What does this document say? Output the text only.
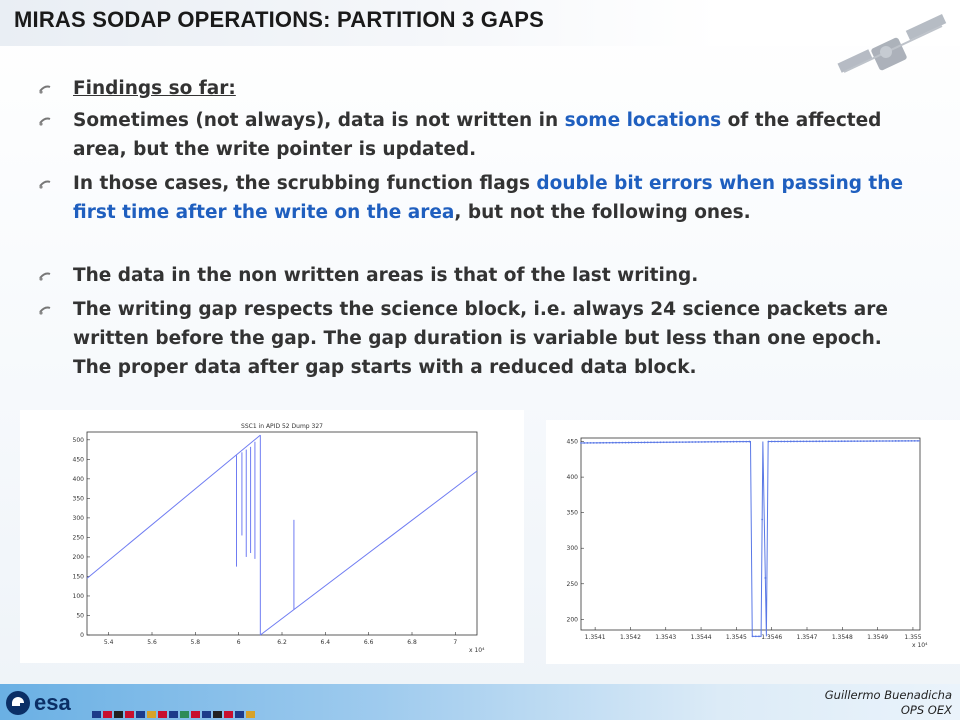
MIRAS SODAP OPERATIONS: PARTITION 3 GAPS
Findings so far:
Sometimes (not always), data is not written in some locations of the affected area, but the write pointer is updated.
In those cases, the scrubbing function flags double bit errors when passing the first time after the write on the area, but not the following ones.
The data in the non written areas is that of the last writing.
The writing gap respects the science block, i.e. always 24 science packets are written before the gap. The gap duration is variable but less than one epoch. The proper data after gap starts with a reduced data block.
SSC1 in APID 52 Dump 327
0
50
100
150
200
250
300
350
400
450
500
5.4	5.6	5.8	6	6.2	6.4	6.6	6.8	7
x 10⁴
200
250
300
350
400
450
1.3541 1.3542 1.3543 1.3544 1.3545 1.3546 1.3547 1.3548 1.3549	1.355
x 10⁴
esa	Guillermo Buenadicha
OPS OEX
